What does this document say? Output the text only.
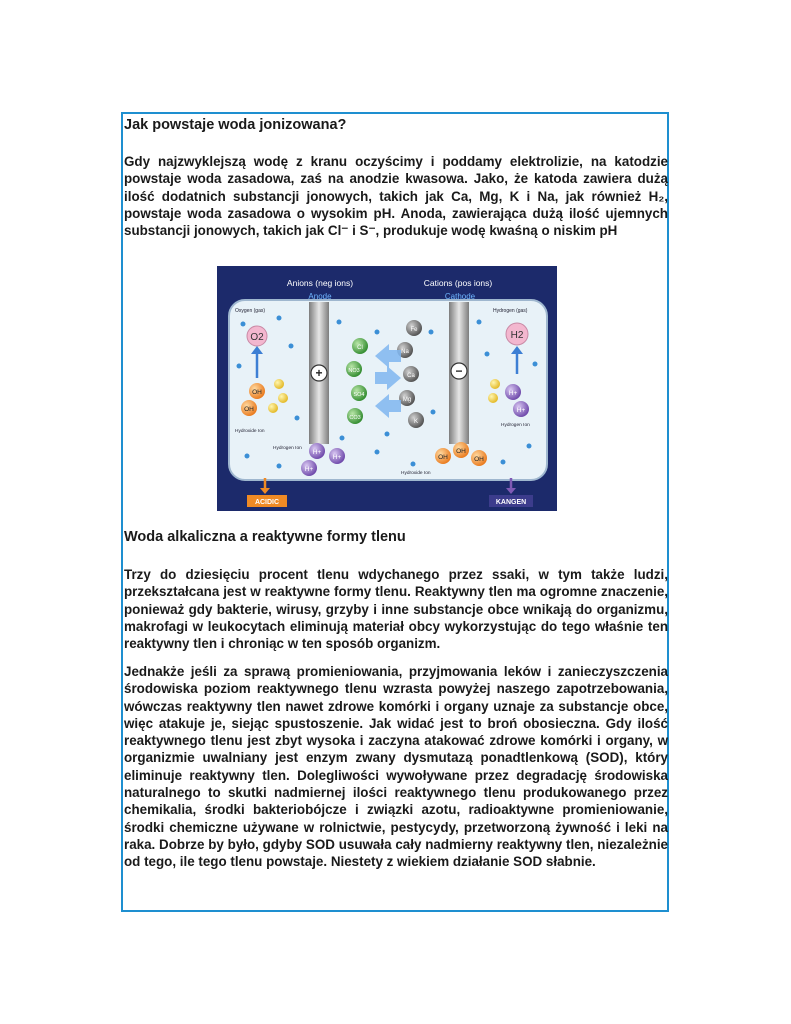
Jak powstaje woda jonizowana?

Gdy najzwyklejszą wodę z kranu oczyścimy i poddamy elektrolizie, na katodzie powstaje woda zasadowa, zaś na anodzie kwasowa. Jako, że katoda zawiera dużą ilość dodatnich substancji jonowych, takich jak Ca, Mg, K i Na, jak również H₂, powstaje woda zasadowa o wysokim pH. Anoda, zawierająca dużą ilość ujemnych substancji jonowych, takich jak Cl⁻ i S⁻, produkuje wodę kwaśną o niskim pH

Anions (neg ions)	Cations (pos ions)
Anode	Cathode
+	−
Oxygen (gas)	Hydrogen (gas)
O2	H2
OH
OH
Hydroxide Ion
H+
H+
Hydrogen Ion
Hydrogen Ion
H+
H+
H+
OH
OH
OH
Hydroxide Ion
Cl
NO3
SO4
CO3
Fe
Na
Ca
Mg
K
ACIDIC	KANGEN
Woda alkaliczna a reaktywne formy tlenu

Trzy do dziesięciu procent tlenu wdychanego przez ssaki, w tym także ludzi, przekształcana jest w reaktywne formy tlenu. Reaktywny tlen ma ogromne znaczenie, ponieważ gdy bakterie, wirusy, grzyby i inne substancje obce wnikają do organizmu, makrofagi w leukocytach eliminują materiał obcy wykorzystując do tego właśnie ten reaktywny tlen i chroniąc w ten sposób organizm.

Jednakże jeśli za sprawą promieniowania, przyjmowania leków i zanieczyszczenia środowiska poziom reaktywnego tlenu wzrasta powyżej naszego zapotrzebowania, wówczas reaktywny tlen nawet zdrowe komórki i organy uznaje za substancje obce, więc atakuje je, siejąc spustoszenie. Jak widać jest to broń obosieczna. Gdy ilość reaktywnego tlenu jest zbyt wysoka i zaczyna atakować zdrowe komórki i organy, w organizmie uwalniany jest enzym zwany dysmutazą ponadtlenkową (SOD), który eliminuje reaktywny tlen. Dolegliwości wywoływane przez degradację środowiska naturalnego to skutki nadmiernej ilości reaktywnego tlenu produkowanego przez chemikalia, środki bakteriobójcze i związki azotu, radioaktywne promieniowanie, środki chemiczne używane w rolnictwie, pestycydy, przetworzoną żywność i leki na raka. Dobrze by było, gdyby SOD usuwała cały nadmierny reaktywny tlen, niezależnie od tego, ile tego tlenu powstaje. Niestety z wiekiem działanie SOD słabnie.
